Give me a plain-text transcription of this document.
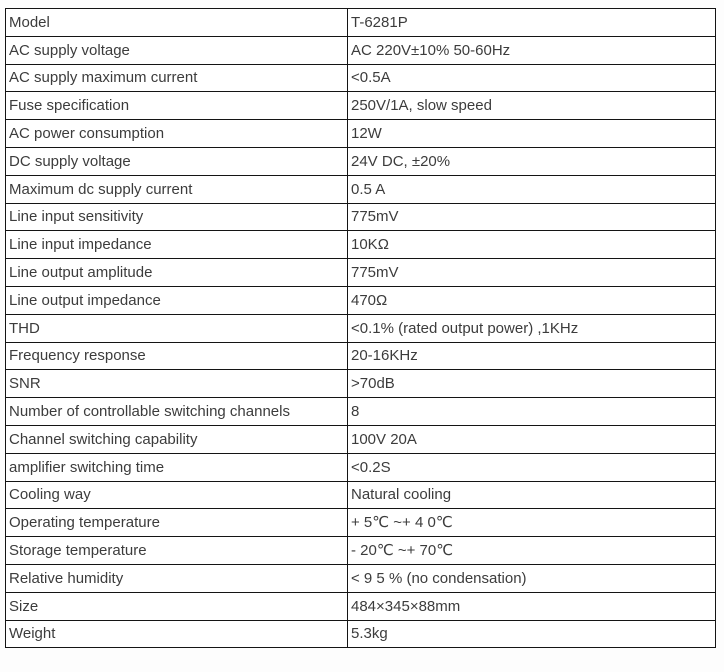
Model	T-6281P
AC supply voltage	AC 220V±10% 50-60Hz
AC supply maximum current	<0.5A
Fuse specification	250V/1A, slow speed
AC power consumption	12W
DC supply voltage	24V DC, ±20%
Maximum dc supply current	0.5 A
Line input sensitivity	775mV
Line input impedance	10KΩ
Line output amplitude	775mV
Line output impedance	470Ω
THD	<0.1% (rated output power) ,1KHz
Frequency response	20-16KHz
SNR	>70dB
Number of controllable switching channels	8
Channel switching capability	100V 20A
amplifier switching time	<0.2S
Cooling way	Natural cooling
Operating temperature	+ 5℃ ~+ 4 0℃
Storage temperature	- 20℃ ~+ 70℃
Relative humidity	< 9 5 % (no condensation)
Size	484×345×88mm
Weight	5.3kg
